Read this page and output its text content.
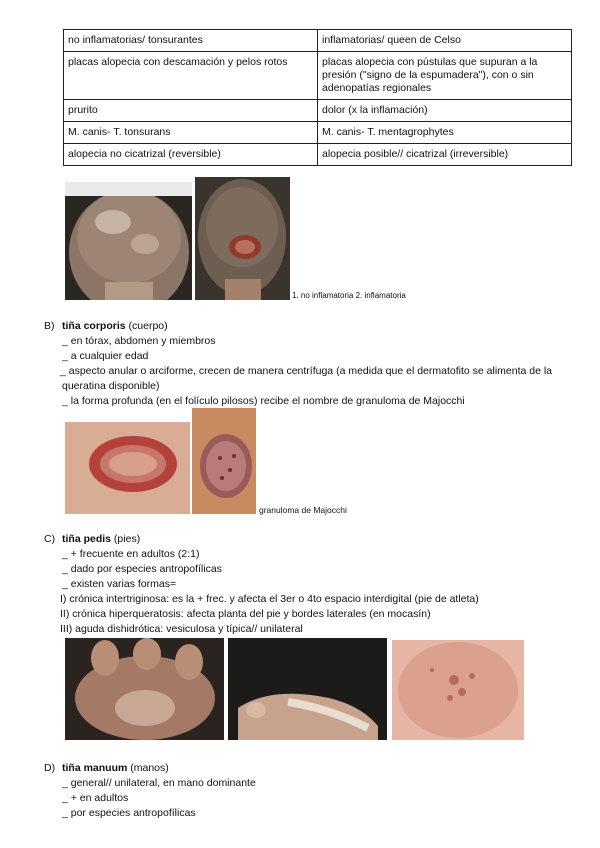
no inflamatorias/ tonsurantes	inflamatorias/ queen de Celso
placas alopecia con descamación y pelos rotos	placas alopecia con pústulas que supuran a la presión ("signo de la espumadera"), con o sin adenopatías regionales
prurito	dolor (x la inflamación)
M. canis- T. tonsurans	M. canis- T. mentagrophytes
alopecia no cicatrizal (reversible)	alopecia posible// cicatrizal (irreversible)
1. no inflamatoria 2. inflamatoria
B) tiña corporis (cuerpo)
_ en tórax, abdomen y miembros
_ a cualquier edad
_ aspecto anular o arciforme, crecen de manera centrífuga (a medida que el dermatofito se alimenta de la queratina disponible)
_ la forma profunda (en el folículo pilosos) recibe el nombre de granuloma de Majocchi
granuloma de Majocchi
C) tiña pedis (pies)
_ + frecuente en adultos (2:1)
_ dado por especies antropofílicas
_ existen varias formas=
I) crónica intertriginosa: es la + frec. y afecta el 3er o 4to espacio interdigital (pie de atleta)
II) crónica hiperqueratosis: afecta planta del pie y bordes laterales (en mocasín)
III) aguda dishidrótica: vesiculosa y típica// unilateral
D) tiña manuum (manos)
_ general// unilateral, en mano dominante
_ + en adultos
_ por especies antropofílicas
